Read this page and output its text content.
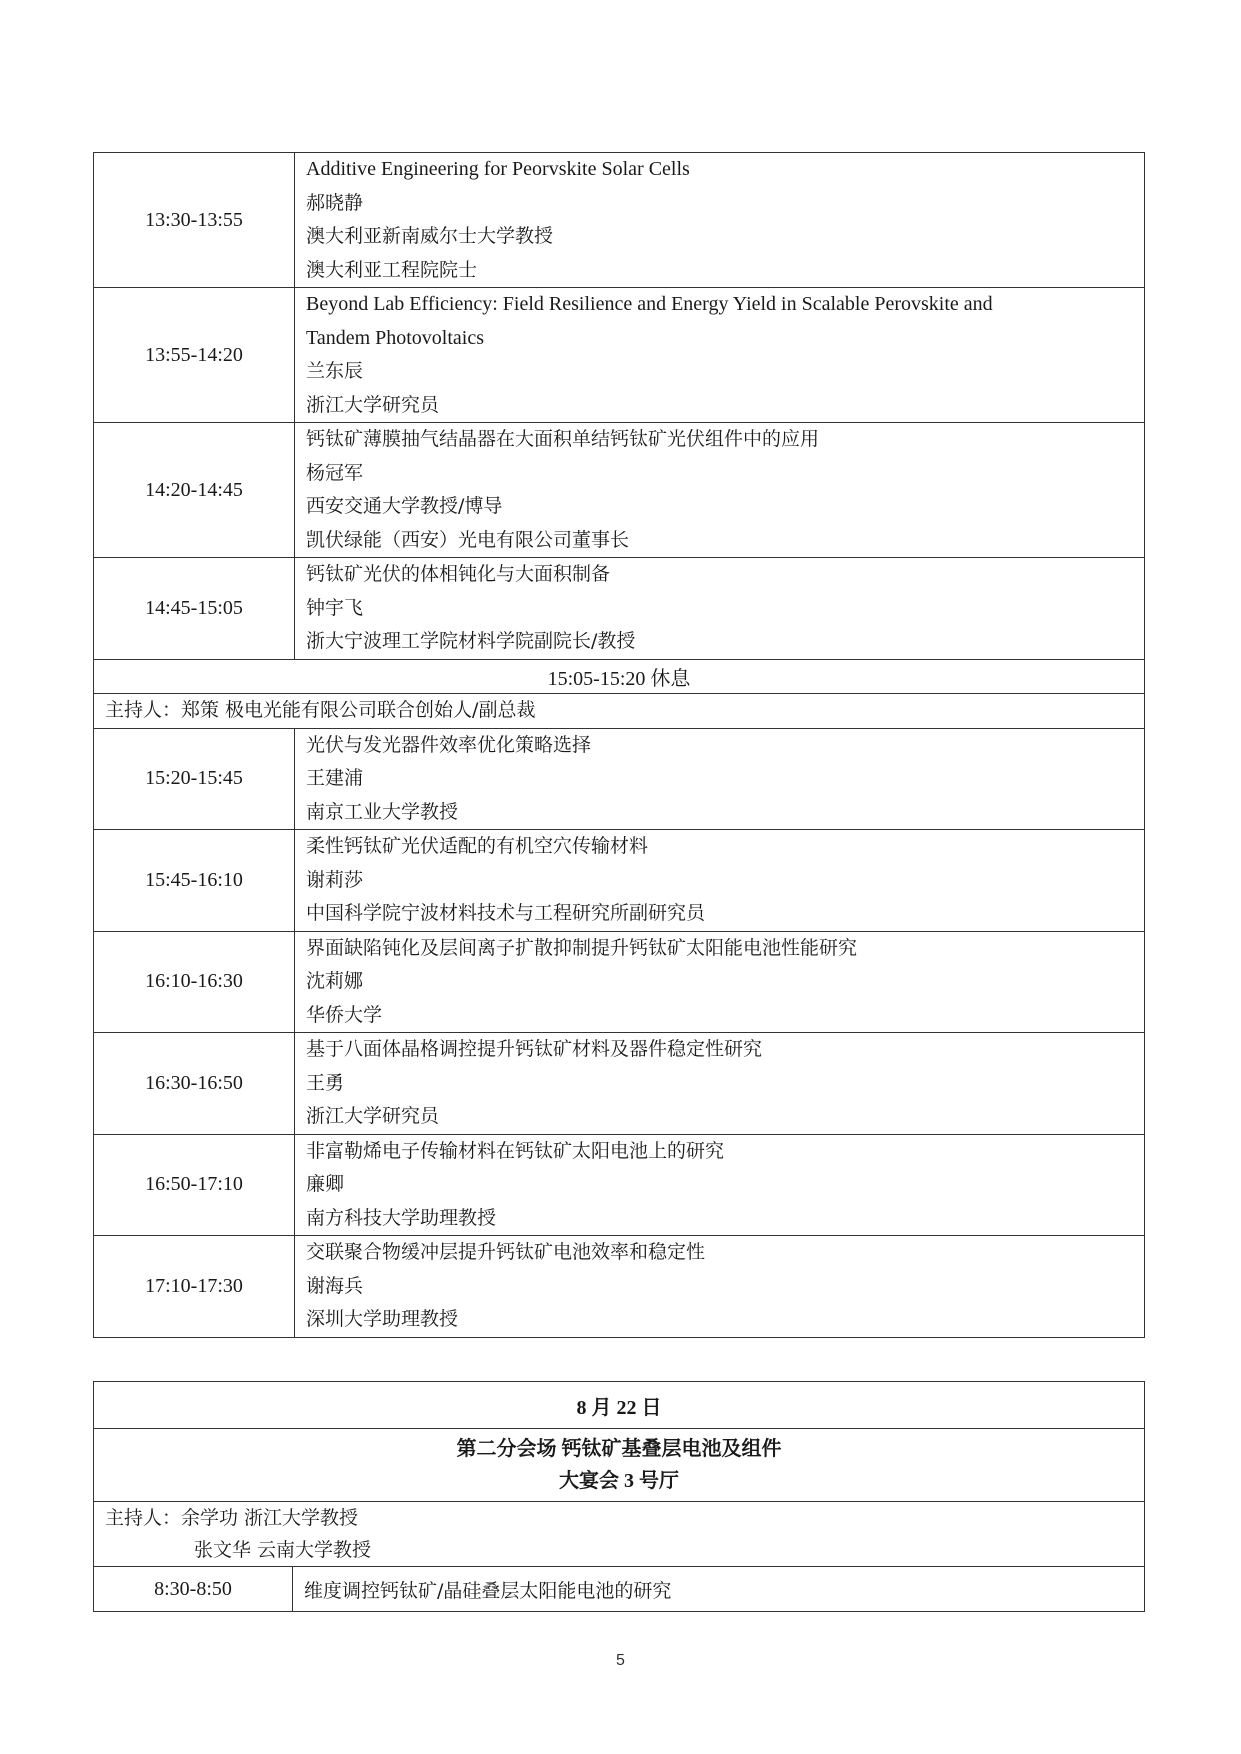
13:30-13:55	Additive Engineering for Peorvskite Solar Cells
郝晓静
澳大利亚新南威尔士大学教授
澳大利亚工程院院士

13:55-14:20	Beyond Lab Efficiency: Field Resilience and Energy Yield in Scalable Perovskite and
Tandem Photovoltaics
兰东辰
浙江大学研究员

14:20-14:45	钙钛矿薄膜抽气结晶器在大面积单结钙钛矿光伏组件中的应用
杨冠军
西安交通大学教授/博导
凯伏绿能（西安）光电有限公司董事长

14:45-15:05	钙钛矿光伏的体相钝化与大面积制备
钟宇飞
浙大宁波理工学院材料学院副院长/教授

15:05-15:20 休息	
主持人：郑策 极电光能有限公司联合创始人/副总裁	
15:20-15:45	光伏与发光器件效率优化策略选择
王建浦
南京工业大学教授

15:45-16:10	柔性钙钛矿光伏适配的有机空穴传输材料
谢莉莎
中国科学院宁波材料技术与工程研究所副研究员

16:10-16:30	界面缺陷钝化及层间离子扩散抑制提升钙钛矿太阳能电池性能研究
沈莉娜
华侨大学

16:30-16:50	基于八面体晶格调控提升钙钛矿材料及器件稳定性研究
王勇
浙江大学研究员

16:50-17:10	非富勒烯电子传输材料在钙钛矿太阳电池上的研究
廉卿
南方科技大学助理教授

17:10-17:30	交联聚合物缓冲层提升钙钛矿电池效率和稳定性
谢海兵
深圳大学助理教授
8 月 22 日

第二分会场 钙钛矿基叠层电池及组件
大宴会 3 号厅

主持人：余学功 浙江大学教授
张文华 云南大学教授

8:30-8:50	维度调控钙钛矿/晶硅叠层太阳能电池的研究
5
